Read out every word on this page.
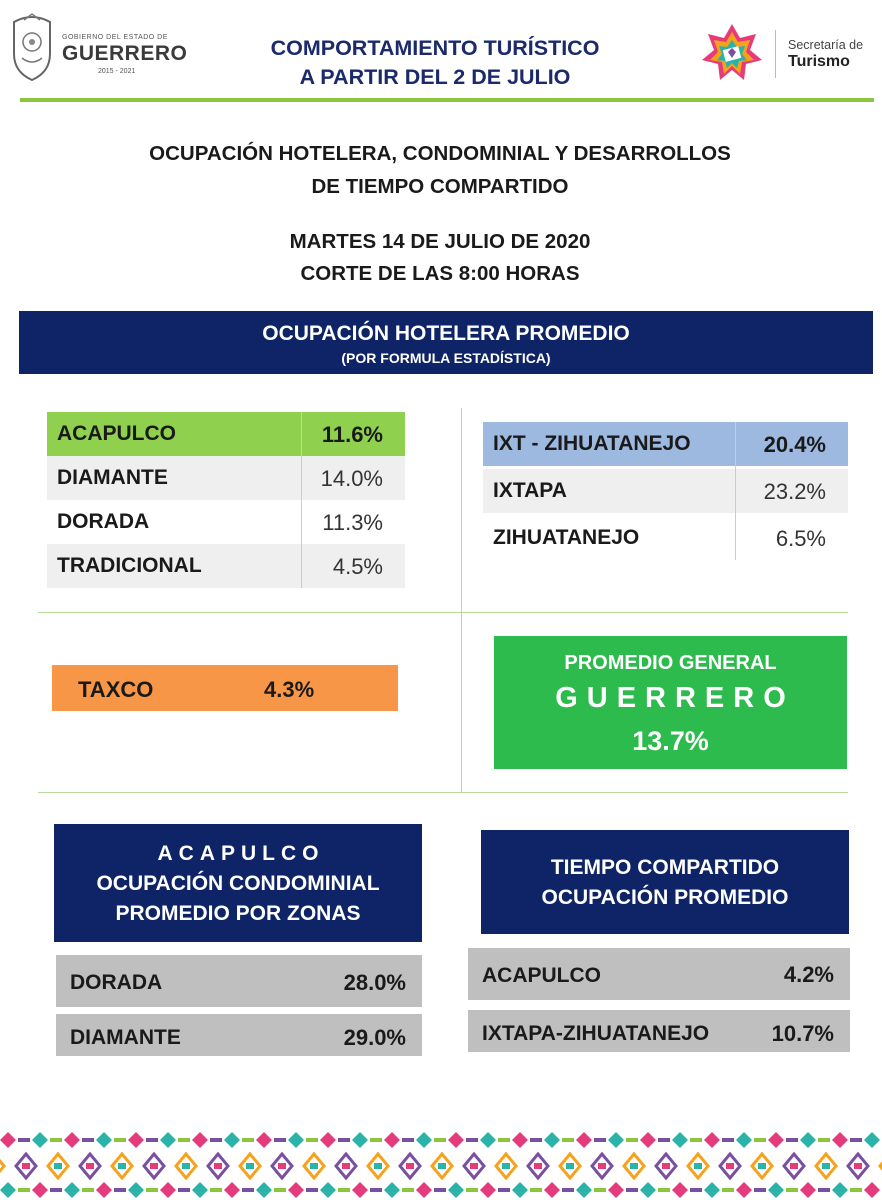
GOBIERNO DEL ESTADO DE
GUERRERO
2015 - 2021
COMPORTAMIENTO TURÍSTICO
A PARTIR DEL 2 DE JULIO
Secretaría de
Turismo
OCUPACIÓN HOTELERA, CONDOMINIAL Y DESARROLLOS
DE TIEMPO COMPARTIDO
MARTES 14 DE JULIO DE 2020
CORTE DE LAS 8:00 HORAS
OCUPACIÓN HOTELERA PROMEDIO
(POR FORMULA ESTADÍSTICA)
ACAPULCO	11.6%
DIAMANTE	14.0%
DORADA	11.3%
TRADICIONAL	4.5%
IXT - ZIHUATANEJO	20.4%
IXTAPA	23.2%
ZIHUATANEJO	6.5%
TAXCO	4.3%
PROMEDIO GENERAL
GUERRERO
13.7%
ACAPULCO
OCUPACIÓN CONDOMINIAL
PROMEDIO POR ZONAS
DORADA	28.0%
DIAMANTE	29.0%
TIEMPO COMPARTIDO
OCUPACIÓN PROMEDIO
ACAPULCO	4.2%
IXTAPA-ZIHUATANEJO	10.7%
